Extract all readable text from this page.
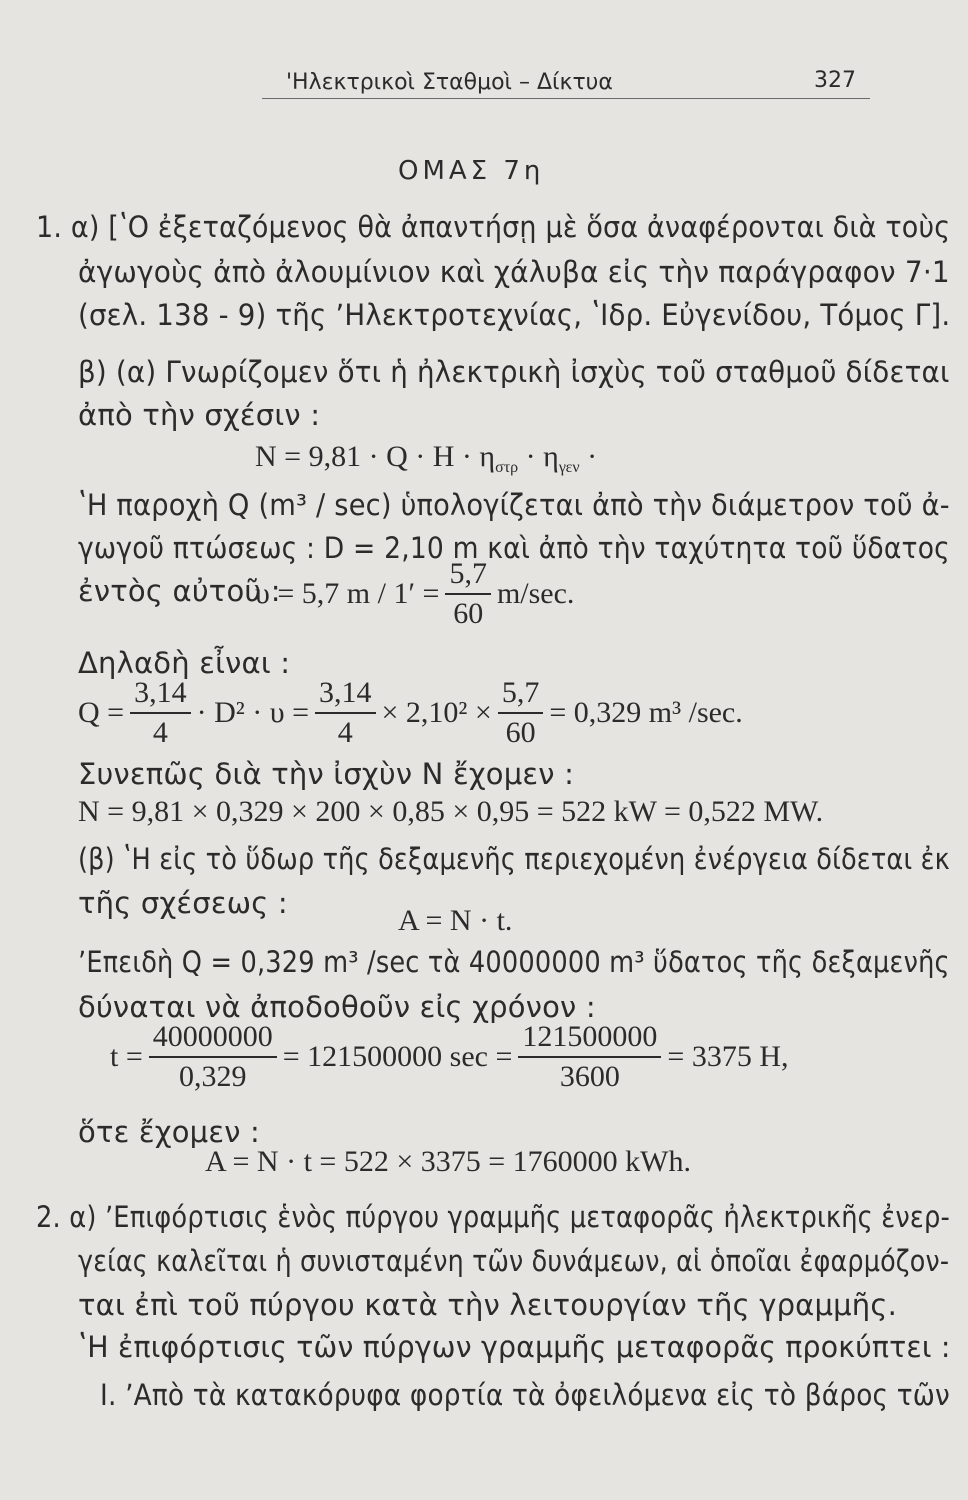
'Ηλεκτρικοὶ Σταθμοὶ – Δίκτυα	327
ΟΜΑΣ 7η
1. α) [ʽΟ ἐξεταζόμενος θὰ ἀπαντήσῃ μὲ ὅσα ἀναφέρονται διὰ τοὺς
ἀγωγοὺς ἀπὸ ἀλουμίνιον καὶ χάλυβα εἰς τὴν παράγραφον 7·1
(σελ. 138 - 9) τῆς ʼΗλεκτροτεχνίας, ʽΙδρ. Εὐγενίδου, Τόμος Γ].
β) (α) Γνωρίζομεν ὅτι ἡ ἠλεκτρικὴ ἰσχὺς τοῦ σταθμοῦ δίδεται
ἀπὸ τὴν σχέσιν :
$N = 9,81 \cdot Q \cdot H \cdot \eta_{\sigma\tau\rho} \cdot \eta_{\gamma\varepsilon\nu}$ ·
ʽΗ παροχὴ Q (m³ / sec) ὑπολογίζεται ἀπὸ τὴν διάμετρον τοῦ ἀ-
γωγοῦ πτώσεως : D = 2,10 m καὶ ἀπὸ τὴν ταχύτητα τοῦ ὕδατος
ἐντὸς αὐτοῦ :
υ = 5,7 $m / 1' = \frac{5,7}{60} m/\sec$.
Δηλαδὴ εἶναι :
$Q = \frac{3,14}{4} \cdot D^2 \cdot \upsilon = \frac{3,14}{4} \times 2,10^2 \times \frac{5,7}{60} = 0,329$ m³ /sec.
Συνεπῶς διὰ τὴν ἰσχὺν N ἔχομεν :
N = 9,81 × 0,329 × 200 × 0,85 × 0,95 = 522 kW = 0,522 MW.
(β) ʽΗ εἰς τὸ ὕδωρ τῆς δεξαμενῆς περιεχομένη ἐνέργεια δίδεται ἐκ
τῆς σχέσεως :
A = N · t.
ʼΕπειδὴ Q = 0,329 m³ /sec τὰ 40000000 m³ ὕδατος τῆς δεξαμενῆς
δύναται νὰ ἀποδοθοῦν εἰς χρόνον :
$t = \frac{40000000}{0,329} = 121500000$ $\sec = \frac{121500000}{3600} = 3375$ H,
ὅτε ἔχομεν :
A = N · t = 522 × 3375 = 1760000 kWh.
2. α) ʼΕπιφόρτισις ἑνὸς πύργου γραμμῆς μεταφορᾶς ἠλεκτρικῆς ἐνερ-
γείας καλεῖται ἡ συνισταμένη τῶν δυνάμεων, αἱ ὁποῖαι ἐφαρμόζον-
ται ἐπὶ τοῦ πύργου κατὰ τὴν λειτουργίαν τῆς γραμμῆς.
ʽΗ ἐπιφόρτισις τῶν πύργων γραμμῆς μεταφορᾶς προκύπτει :
I. ʼΑπὸ τὰ κατακόρυφα φορτία τὰ ὀφειλόμενα εἰς τὸ βάρος τῶν
